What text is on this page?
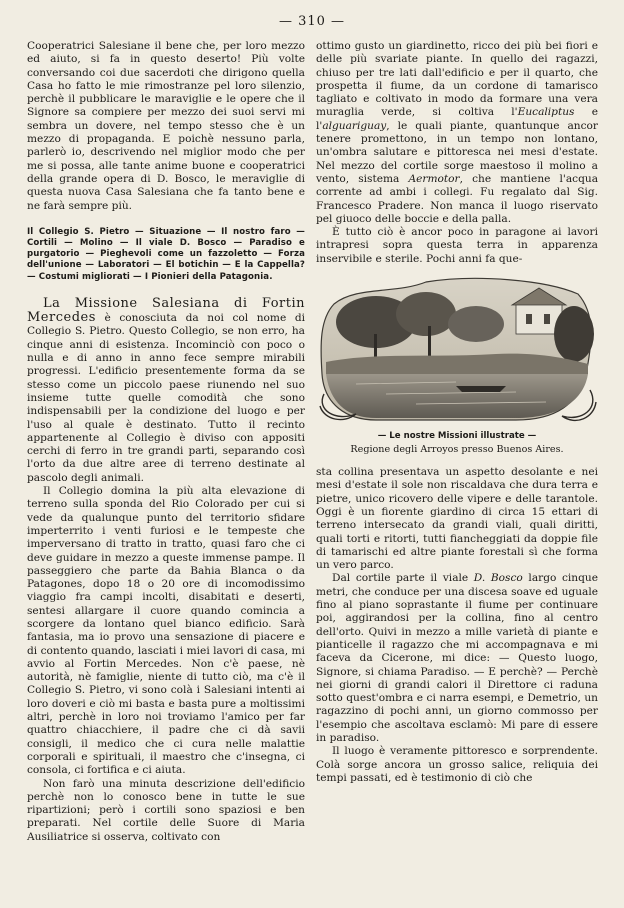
— 310 —

Cooperatrici Salesiane il bene che, per loro mezzo ed aiuto, si fa in questo deserto! Più volte conversando coi due sacerdoti che dirigono quella Casa ho fatto le mie rimostranze pel loro silenzio, perchè il pubblicare le maraviglie e le opere che il Signore sa compiere per mezzo dei suoi servi mi sembra un dovere, nel tempo stesso che è un mezzo di propaganda. E poichè nessuno parla, parlerò io, descrivendo nel miglior modo che per me si possa, alle tante anime buone e cooperatrici della grande opera di D. Bosco, le meraviglie di questa nuova Casa Salesiana che fa tanto bene e ne farà sempre più.

Il Collegio S. Pietro — Situazione — Il nostro faro — Cortili — Molino — Il viale D. Bosco — Paradiso e purgatorio — Pieghevoli come un fazzoletto — Forza dell'unione — Laboratori — El botichin — E la Cappella? — Costumi migliorati — I Pionieri della Patagonia.

La Missione Salesiana di Fortin Mercedes è conosciuta da noi col nome di Collegio S. Pietro. Questo Collegio, se non erro, ha cinque anni di esistenza. Incominciò con poco o nulla e di anno in anno fece sempre mirabili progressi. L'edificio presentemente forma da se stesso come un piccolo paese riunendo nel suo insieme tutte quelle comodità che sono indispensabili per la condizione del luogo e per l'uso al quale è destinato. Tutto il recinto appartenente al Collegio è diviso con appositi cerchi di ferro in tre grandi parti, separando così l'orto da due altre aree di terreno destinate al pascolo degli animali.

Il Collegio domina la più alta elevazione di terreno sulla sponda del Rio Colorado per cui si vede da qualunque punto del territorio sfidare imperterrito i venti furiosi e le tempeste che imperversano di tratto in tratto, quasi faro che ci deve guidare in mezzo a queste immense pampe. Il passeggiero che parte da Bahia Blanca o da Patagones, dopo 18 o 20 ore di incomodissimo viaggio fra campi incolti, disabitati e deserti, sentesi allargare il cuore quando comincia a scorgere da lontano quel bianco edificio. Sarà fantasia, ma io provo una sensazione di piacere e di contento quando, lasciati i miei lavori di casa, mi avvio al Fortin Mercedes. Non c'è paese, nè autorità, nè famiglie, niente di tutto ciò, ma c'è il Collegio S. Pietro, vi sono colà i Salesiani intenti ai loro doveri e ciò mi basta e basta pure a moltissimi altri, perchè in loro noi troviamo l'amico per far quattro chiacchiere, il padre che ci dà savii consigli, il medico che ci cura nelle malattie corporali e spirituali, il maestro che c'insegna, ci consola, ci fortifica e ci aiuta.

Non farò una minuta descrizione dell'edificio perchè non lo conosco bene in tutte le sue ripartizioni; però i cortili sono spaziosi e ben preparati. Nel cortile delle Suore di Maria Ausiliatrice si osserva, coltivato con

ottimo gusto un giardinetto, ricco dei più bei fiori e delle più svariate piante. In quello dei ragazzi, chiuso per tre lati dall'edificio e per il quarto, che prospetta il fiume, da un cordone di tamarisco tagliato e coltivato in modo da formare una vera muraglia verde, si coltiva l'Eucaliptus e l'alguariguay, le quali piante, quantunque ancor tenere promettono, in un tempo non lontano, un'ombra salutare e pittoresca nei mesi d'estate. Nel mezzo del cortile sorge maestoso il molino a vento, sistema Aermotor, che mantiene l'acqua corrente ad ambi i collegi. Fu regalato dal Sig. Francesco Pradere. Non manca il luogo riservato pel giuoco delle boccie e della palla.

È tutto ciò è ancor poco in paragone ai lavori intrapresi sopra questa terra in apparenza inservibile e sterile. Pochi anni fa que-

— Le nostre Missioni illustrate —
Regione degli Arroyos presso Buenos Aires.

sta collina presentava un aspetto desolante e nei mesi d'estate il sole non riscaldava che dura terra e pietre, unico ricovero delle vipere e delle tarantole. Oggi è un fiorente giardino di circa 15 ettari di terreno intersecato da grandi viali, quali diritti, quali torti e ritorti, tutti fiancheggiati da doppie file di tamarischi ed altre piante forestali sì che forma un vero parco.

Dal cortile parte il viale D. Bosco largo cinque metri, che conduce per una discesa soave ed uguale fino al piano soprastante il fiume per continuare poi, aggirandosi per la collina, fino al centro dell'orto. Quivi in mezzo a mille varietà di piante e pianticelle il ragazzo che mi accompagnava e mi faceva da Cicerone, mi dice: — Questo luogo, Signore, si chiama Paradiso. — E perchè? — Perchè nei giorni di grandi calori il Direttore ci raduna sotto quest'ombra e ci narra esempi, e Demetrio, un ragazzino di pochi anni, un giorno commosso per l'esempio che ascoltava esclamò: Mi pare di essere in paradiso.

Il luogo è veramente pittoresco e sorprendente. Colà sorge ancora un grosso salice, reliquia dei tempi passati, ed è testimonio di ciò che
